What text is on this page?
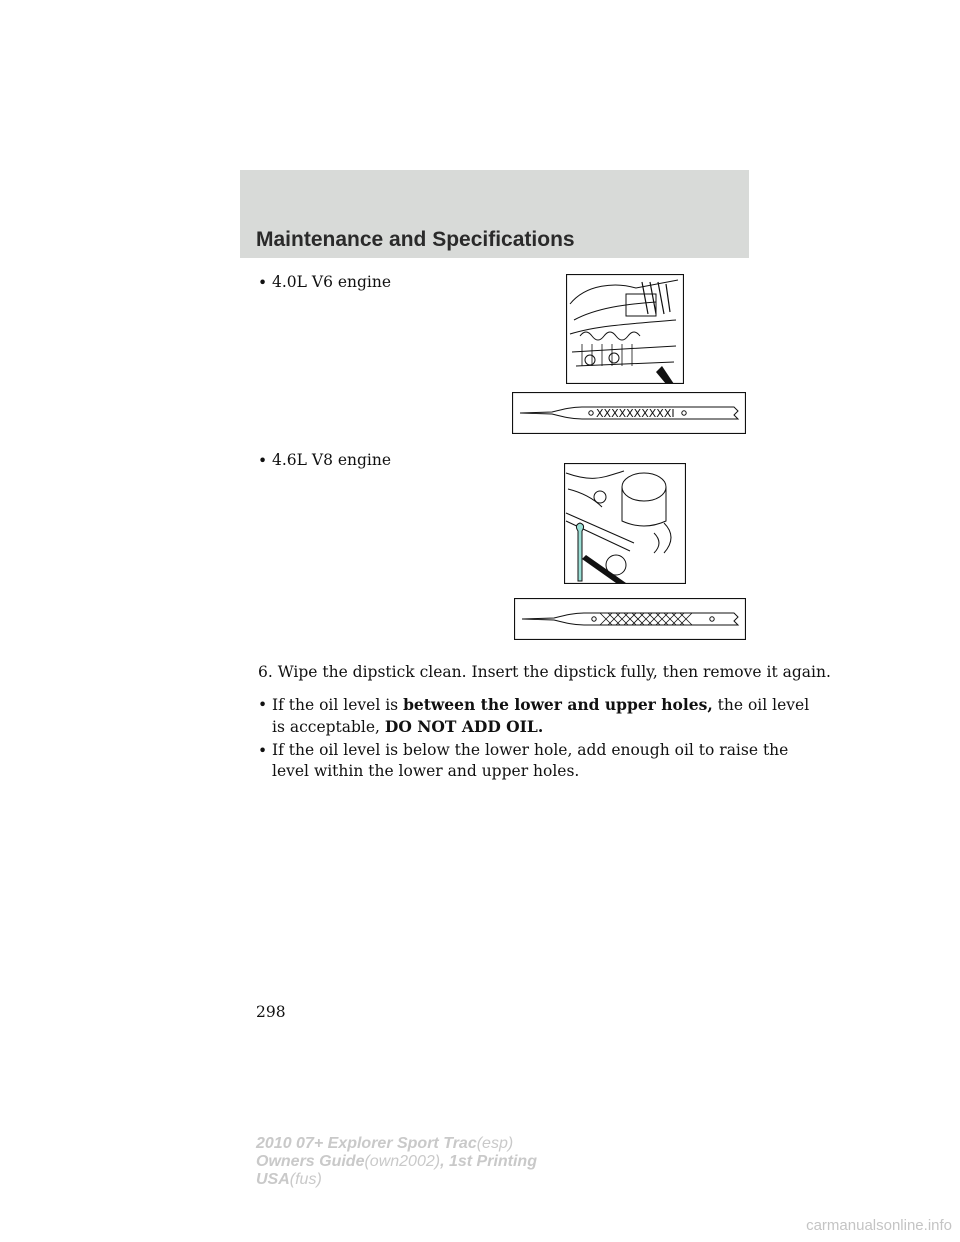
Maintenance and Specifications
• 4.0L V6 engine
XXXXXXXXXXI
• 4.6L V8 engine
6. Wipe the dipstick clean. Insert the dipstick fully, then remove it again.
• If the oil level is between the lower and upper holes, the oil level
is acceptable, DO NOT ADD OIL.
• If the oil level is below the lower hole, add enough oil to raise the
level within the lower and upper holes.
298
2010 07+ Explorer Sport Trac(esp)
Owners Guide(own2002), 1st Printing
USA(fus)
carmanualsonline.info
